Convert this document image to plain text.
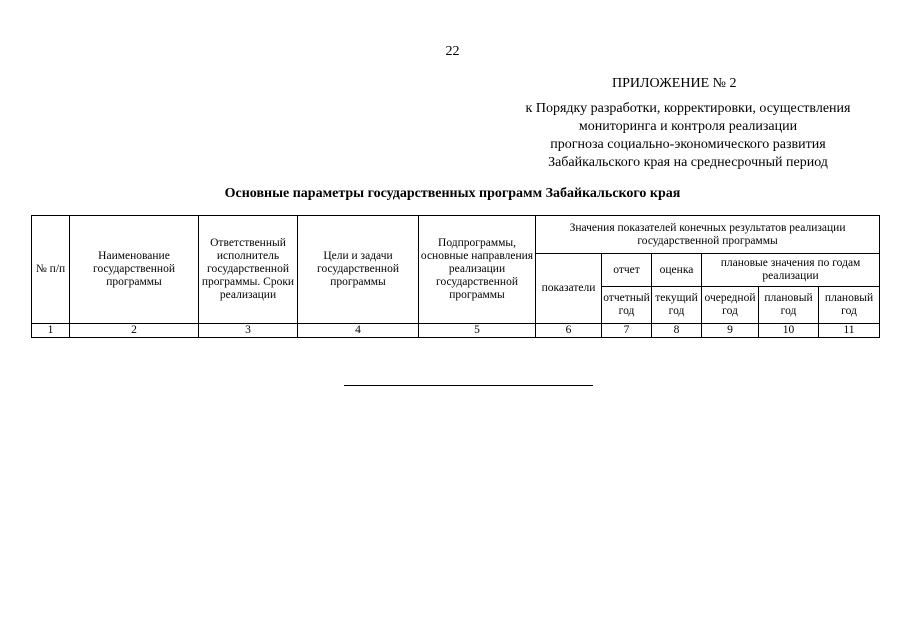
22
ПРИЛОЖЕНИЕ № 2
к Порядку разработки, корректировки, осуществления
мониторинга и контроля реализации
прогноза социально-экономического развития
Забайкальского края на среднесрочный период
Основные параметры государственных программ Забайкальского края
№ п/п	Наименование государственной программы	Ответственный исполнитель государственной программы. Сроки реализации	Цели и задачи государственной программы	Подпрограммы, основные направления реализации государственной программы	Значения показателей конечных результатов реализации государственной программы					
					показатели	отчет	оценка	плановые значения по годам реализации		
						отчетный год	текущий год	очередной год	плановый год	плановый год
1	2	3	4	5	6	7	8	9	10	11
